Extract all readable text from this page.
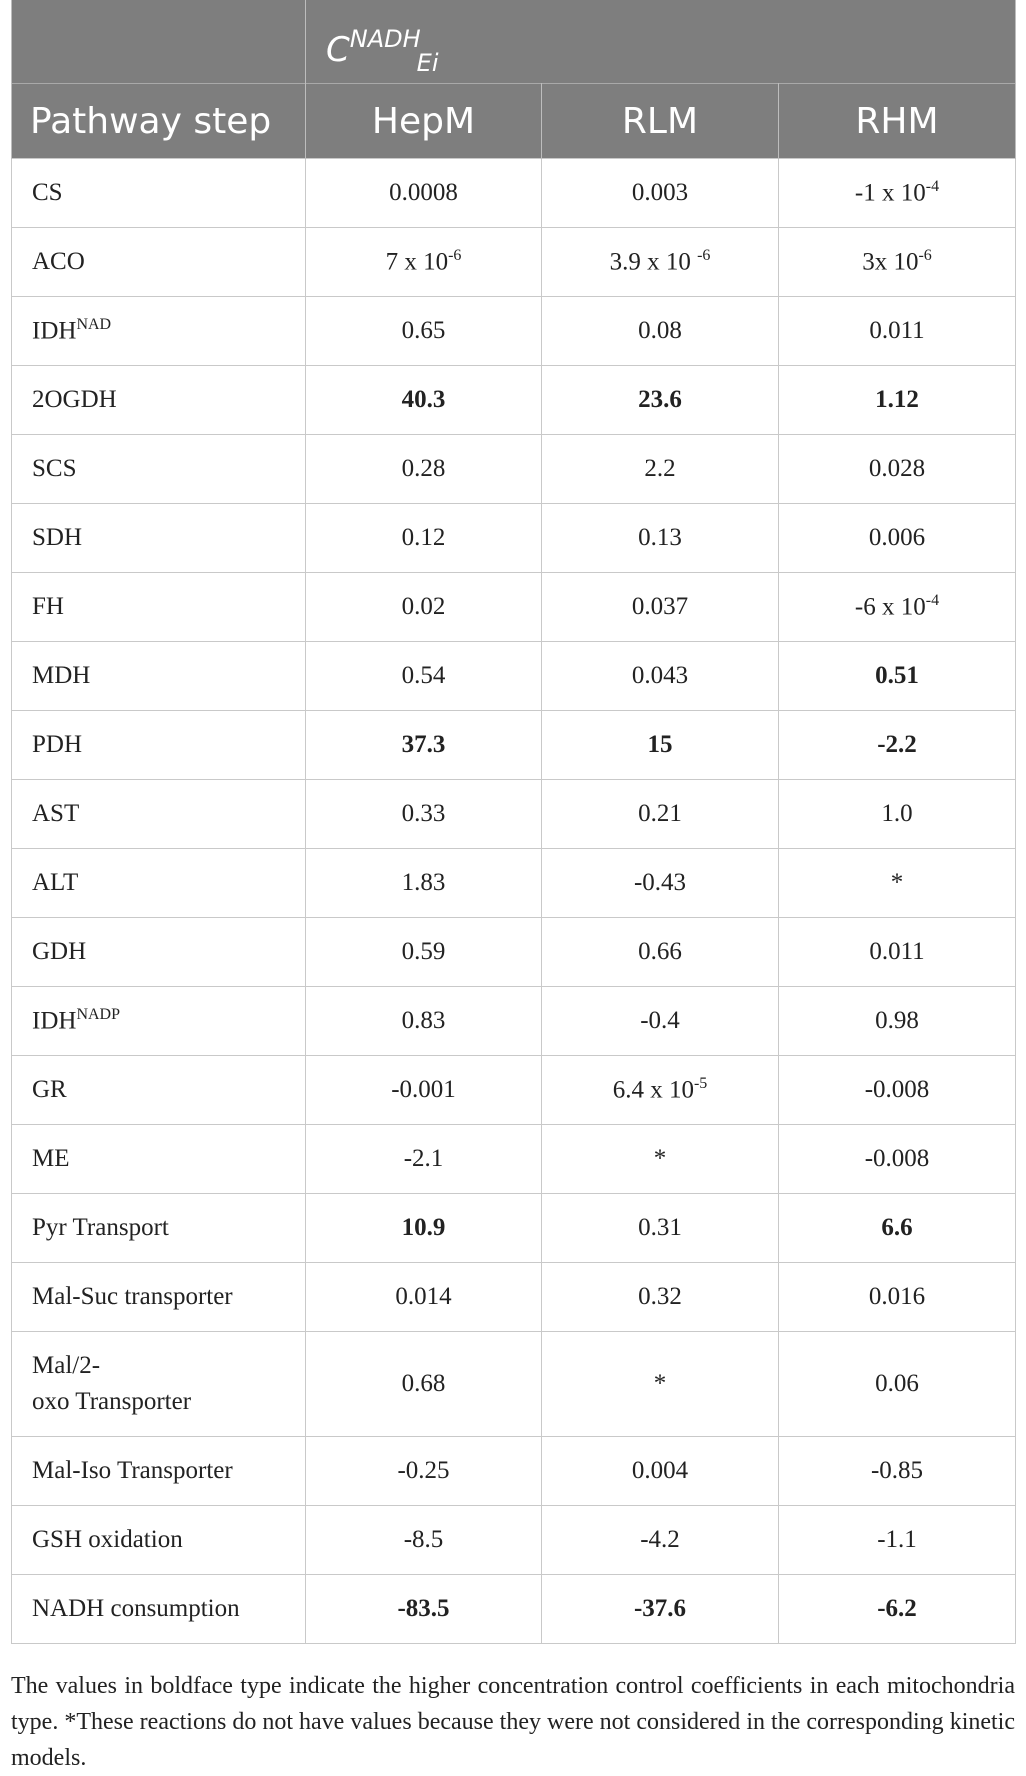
	$C^{NADH}_{Ei}$
Pathway step	HepM	RLM	RHM
CS	0.0008	0.003	-1 x $10^{-4}$
ACO	7 x $10^{-6}$	3.9 x 10 $^{-6}$	3x $10^{-6}$
$IDH^{NAD}$	0.65	0.08	0.011
2OGDH	40.3	23.6	1.12
SCS	0.28	2.2	0.028
SDH	0.12	0.13	0.006
FH	0.02	0.037	-6 x $10^{-4}$
MDH	0.54	0.043	0.51
PDH	37.3	15	-2.2
AST	0.33	0.21	1.0
ALT	1.83	-0.43	*
GDH	0.59	0.66	0.011
$IDH^{NADP}$	0.83	-0.4	0.98
GR	-0.001	6.4 x $10^{-5}$	-0.008
ME	-2.1	*	-0.008
Pyr Transport	10.9	0.31	6.6
Mal-Suc transporter	0.014	0.32	0.016

Mal/2-
oxo Transporter	0.68	*	0.06
Mal-Iso Transporter	-0.25	0.004	-0.85
GSH oxidation	-8.5	-4.2	-1.1
NADH consumption	-83.5	-37.6	-6.2
The values in boldface type indicate the higher concentration control coefficients in each mitochondria type. *These reactions do not have values because they were not considered in the corresponding kinetic models.
